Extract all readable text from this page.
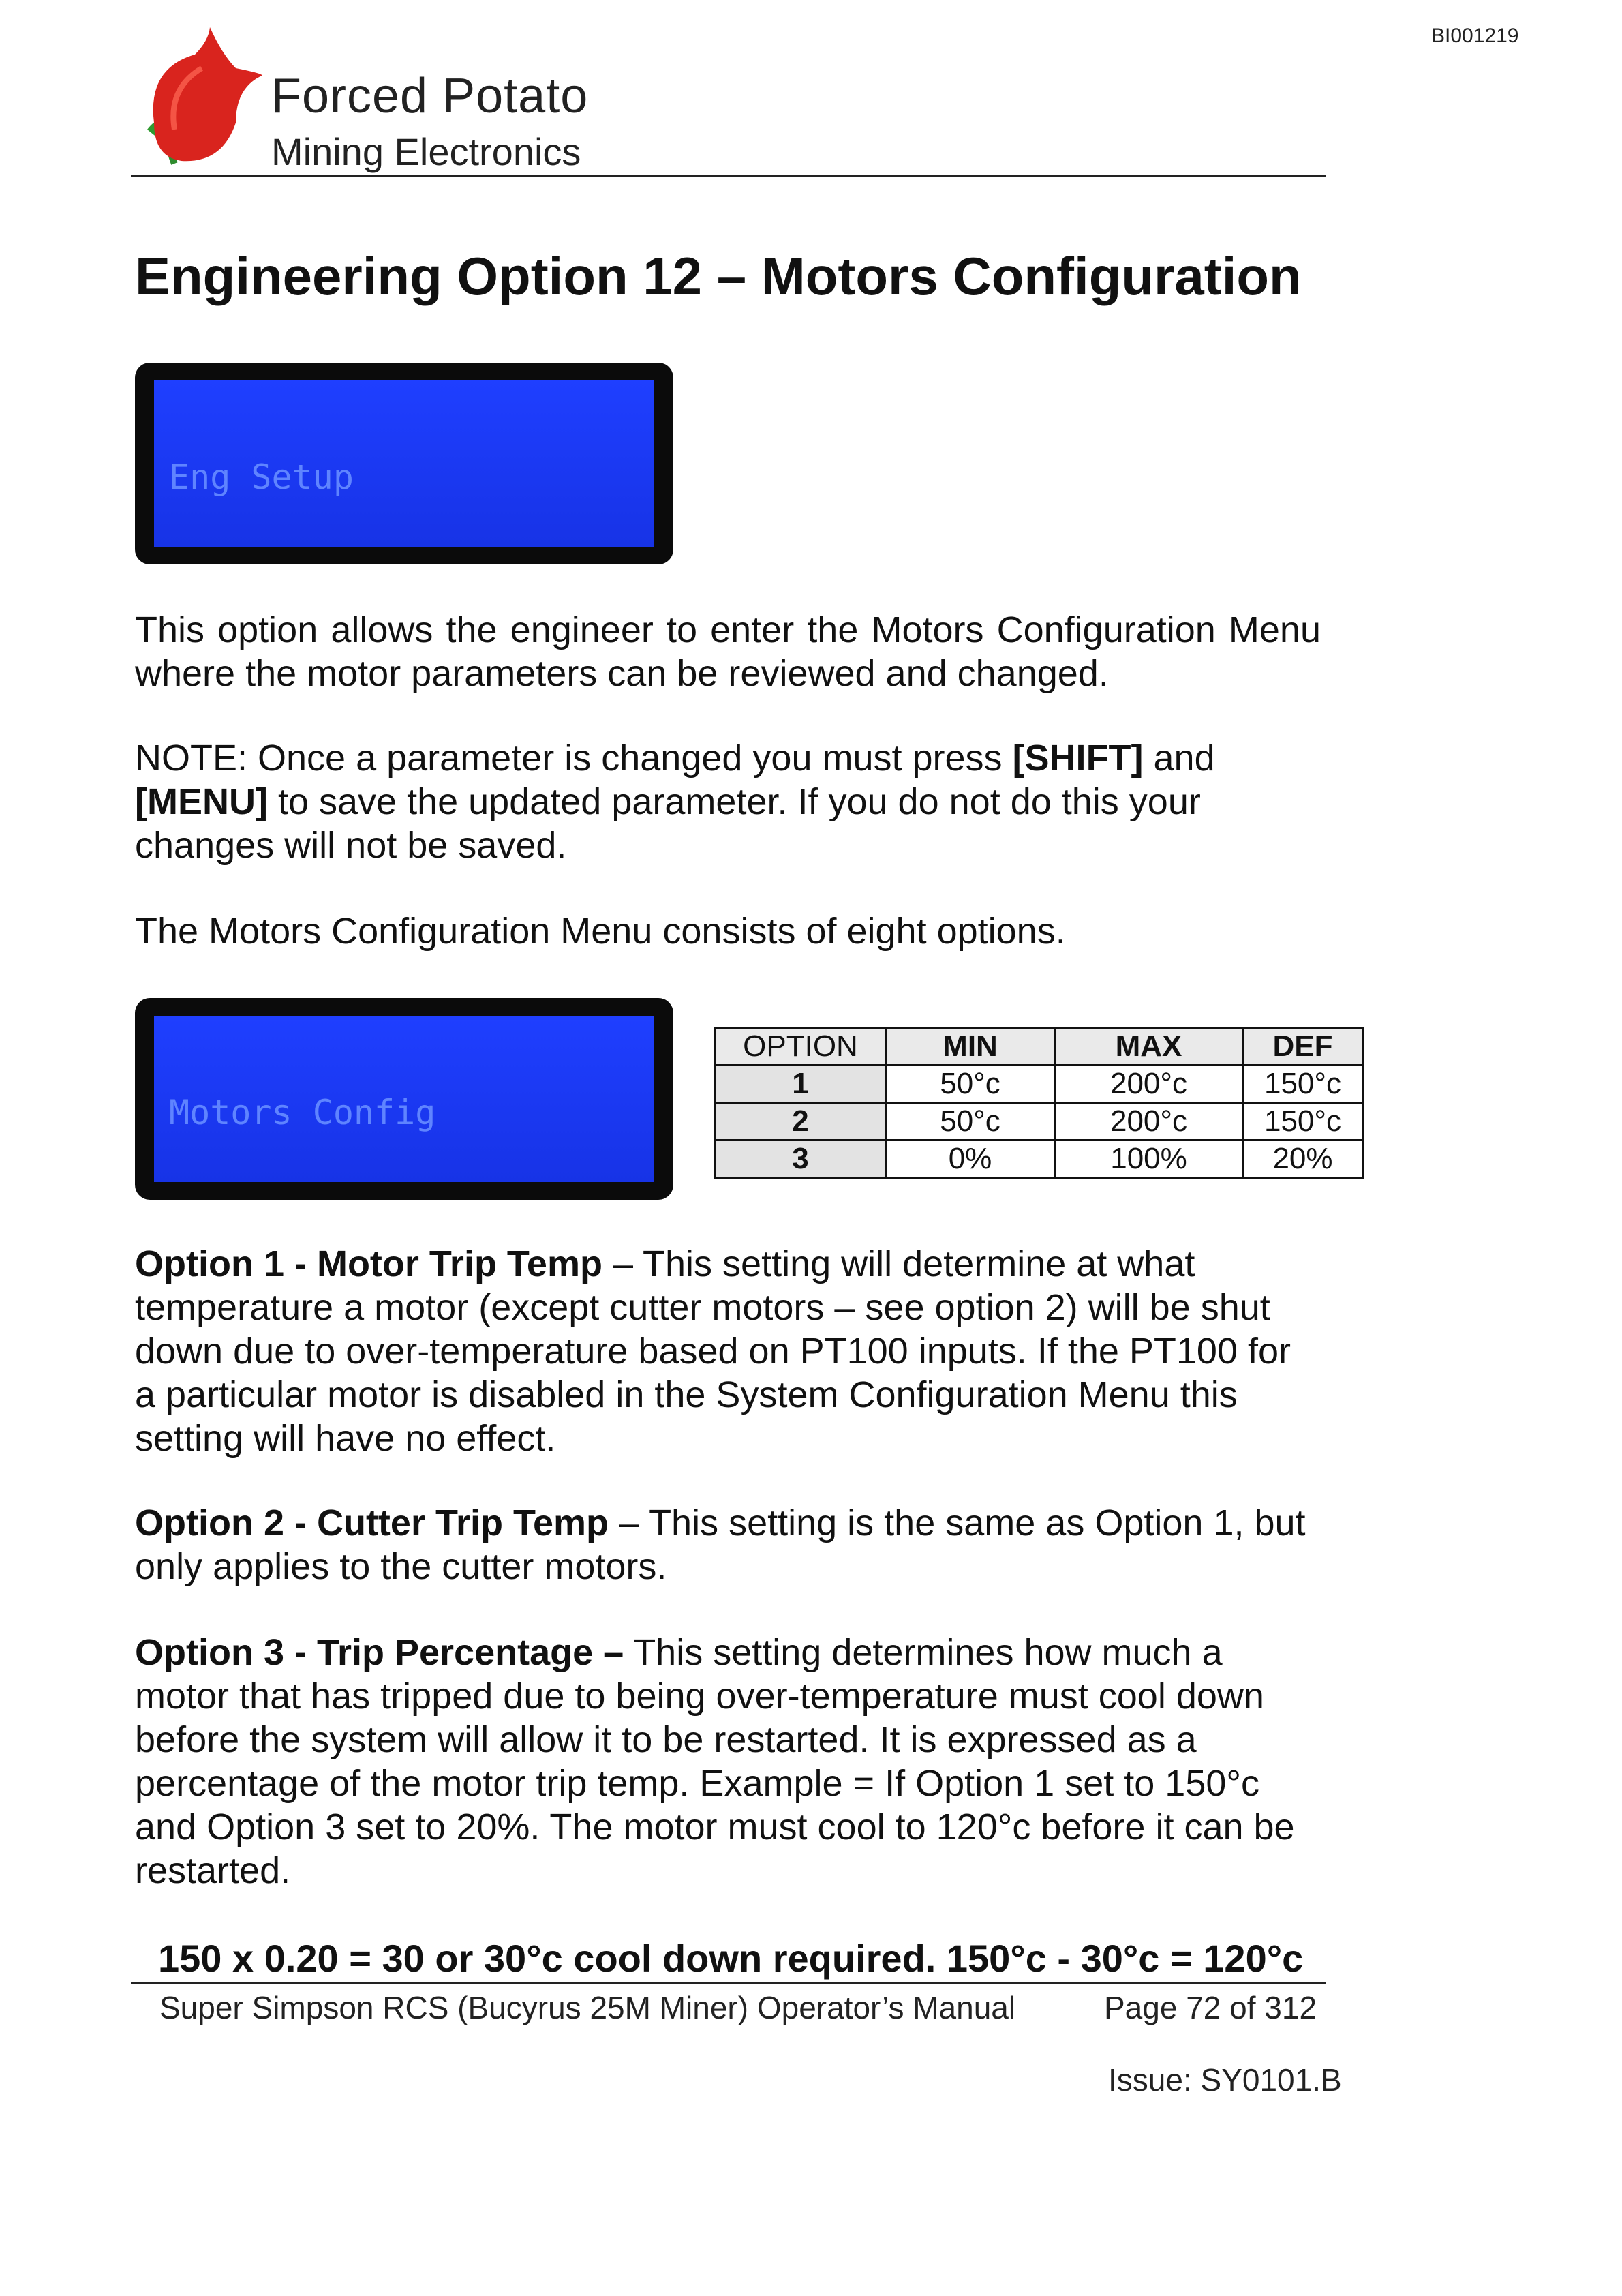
BI001219
Forced Potato
Mining Electronics
Engineering Option 12 – Motors Configuration

Eng Setup

This option allows the engineer to enter the Motors Configuration Menu where the motor parameters can be reviewed and changed.

NOTE: Once a parameter is changed you must press [SHIFT] and
[MENU] to save the updated parameter. If you do not do this your changes will not be saved.

The Motors Configuration Menu consists of eight options.

Motors Config

OPTION	MIN	MAX	DEF
1	50°c	200°c	150°c
2	50°c	200°c	150°c
3	0%	100%	20%

Option 1 - Motor Trip Temp – This setting will determine at what temperature a motor (except cutter motors – see option 2) will be shut down due to over-temperature based on PT100 inputs. If the PT100 for a particular motor is disabled in the System Configuration Menu this setting will have no effect.

Option 2 - Cutter Trip Temp – This setting is the same as Option 1, but only applies to the cutter motors.

Option 3 - Trip Percentage – This setting determines how much a motor that has tripped due to being over-temperature must cool down before the system will allow it to be restarted. It is expressed as a percentage of the motor trip temp. Example = If Option 1 set to 150°c and Option 3 set to 20%. The motor must cool to 120°c before it can be restarted.

150 x 0.20 = 30 or 30°c cool down required. 150°c - 30°c = 120°c
Super Simpson RCS (Bucyrus 25M Miner) Operator’s Manual	Page 72 of 312
Issue: SY0101.B
